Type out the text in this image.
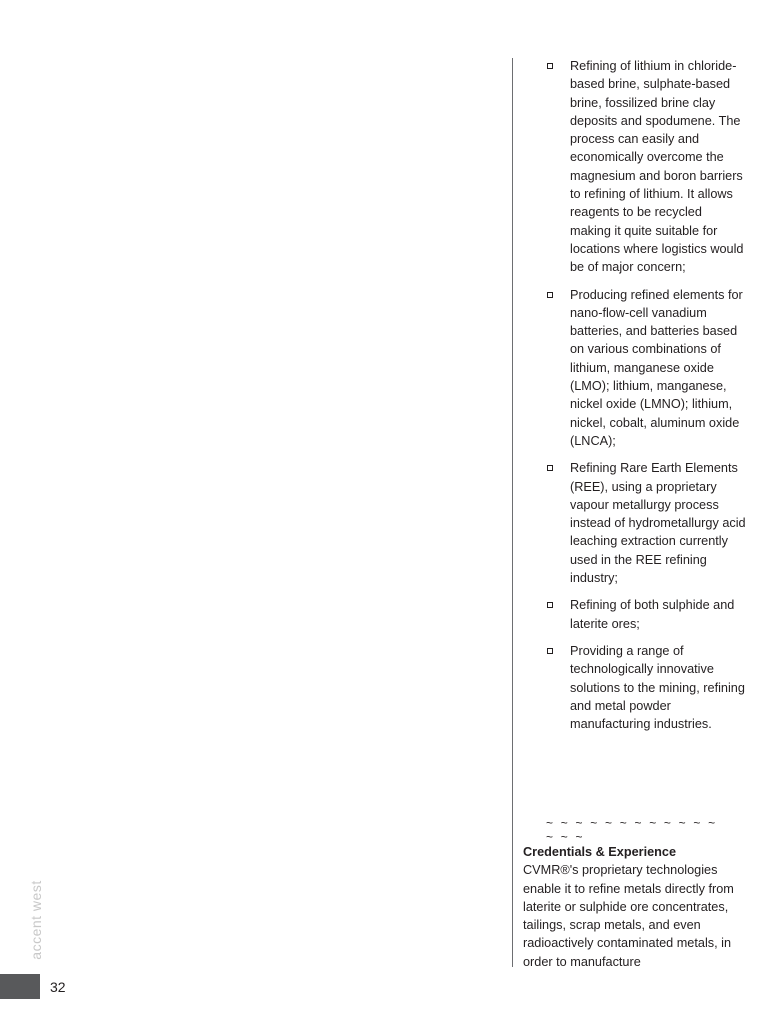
Refining of lithium in chloride-based brine, sulphate-based brine, fossilized brine clay deposits and spodumene. The process can easily and economically overcome the magnesium and boron barriers to refining of lithium. It allows reagents to be recycled making it quite suitable for locations where logistics would be of major concern;
Producing refined elements for nano-flow-cell vanadium batteries, and batteries based on various combinations of lithium, manganese oxide (LMO); lithium, manganese, nickel oxide (LMNO); lithium, nickel, cobalt, aluminum oxide (LNCA);
Refining Rare Earth Elements (REE), using a proprietary vapour metallurgy process instead of hydrometallurgy acid leaching extraction currently used in the REE refining industry;
Refining of both sulphide and laterite ores;
Providing a range of technologically innovative solutions to the mining, refining and metal powder manufacturing industries.
~ ~ ~ ~ ~ ~ ~ ~ ~ ~ ~ ~ ~ ~ ~
Credentials & Experience
CVMR®'s proprietary technologies enable it to refine metals directly from laterite or sulphide ore concentrates, tailings, scrap metals, and even radioactively contaminated metals, in order to manufacture
accent west
32
